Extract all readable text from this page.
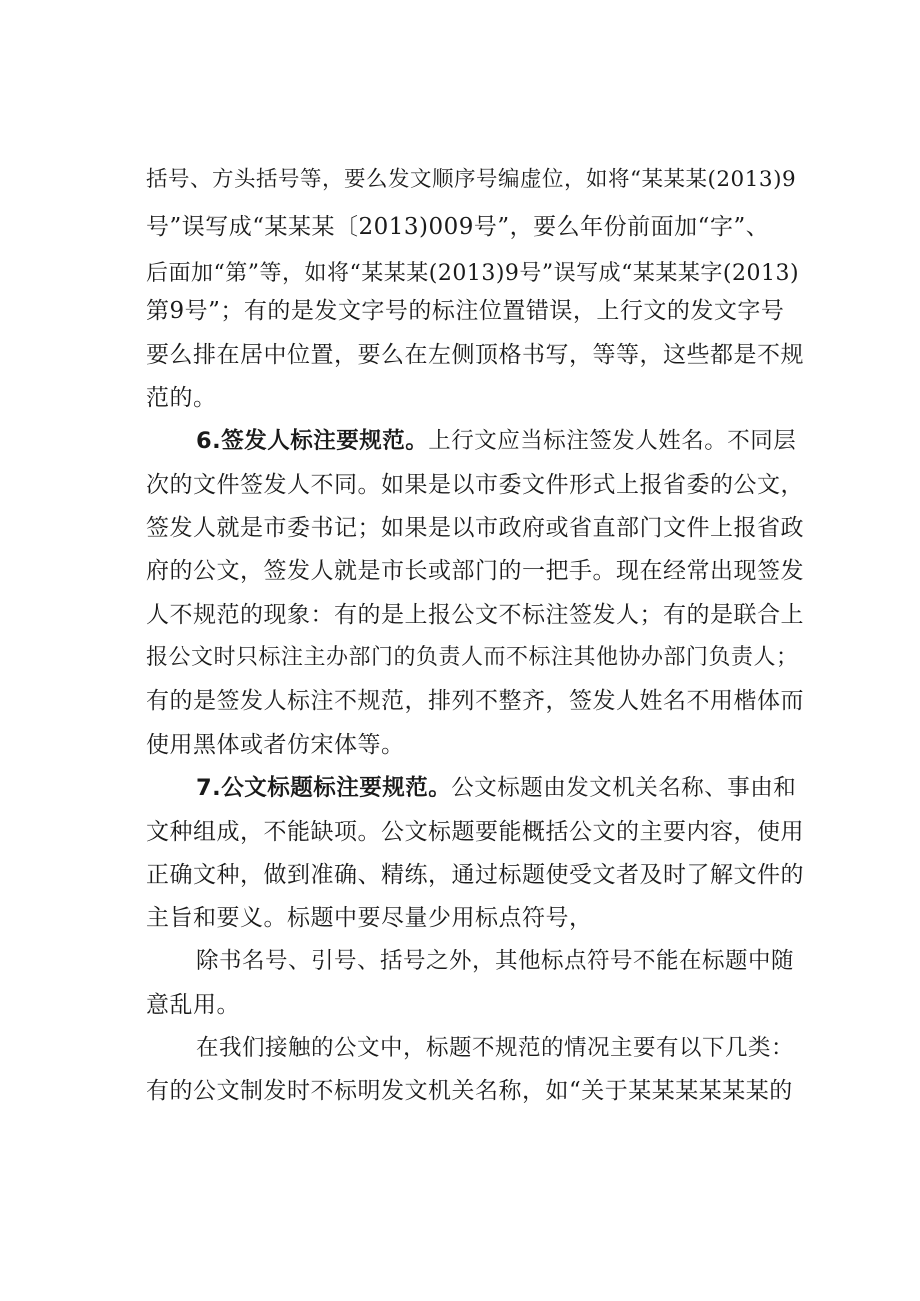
括号、方头括号等，要么发文顺序号编虚位，如将“某某某(2013)9
号”误写成“某某某〔2013)009号”，要么年份前面加“字”、
后面加“第”等，如将“某某某(2013)9号”误写成“某某某字(2013)
第9号”；有的是发文字号的标注位置错误，上行文的发文字号
要么排在居中位置，要么在左侧顶格书写，等等，这些都是不规
范的。
6.签发人标注要规范。上行文应当标注签发人姓名。不同层
次的文件签发人不同。如果是以市委文件形式上报省委的公文，
签发人就是市委书记；如果是以市政府或省直部门文件上报省政
府的公文，签发人就是市长或部门的一把手。现在经常出现签发
人不规范的现象：有的是上报公文不标注签发人；有的是联合上
报公文时只标注主办部门的负责人而不标注其他协办部门负责人；
有的是签发人标注不规范，排列不整齐，签发人姓名不用楷体而
使用黑体或者仿宋体等。
7.公文标题标注要规范。公文标题由发文机关名称、事由和
文种组成，不能缺项。公文标题要能概括公文的主要内容，使用
正确文种，做到准确、精练，通过标题使受文者及时了解文件的
主旨和要义。标题中要尽量少用标点符号，
除书名号、引号、括号之外，其他标点符号不能在标题中随
意乱用。
在我们接触的公文中，标题不规范的情况主要有以下几类：
有的公文制发时不标明发文机关名称，如“关于某某某某某某的
